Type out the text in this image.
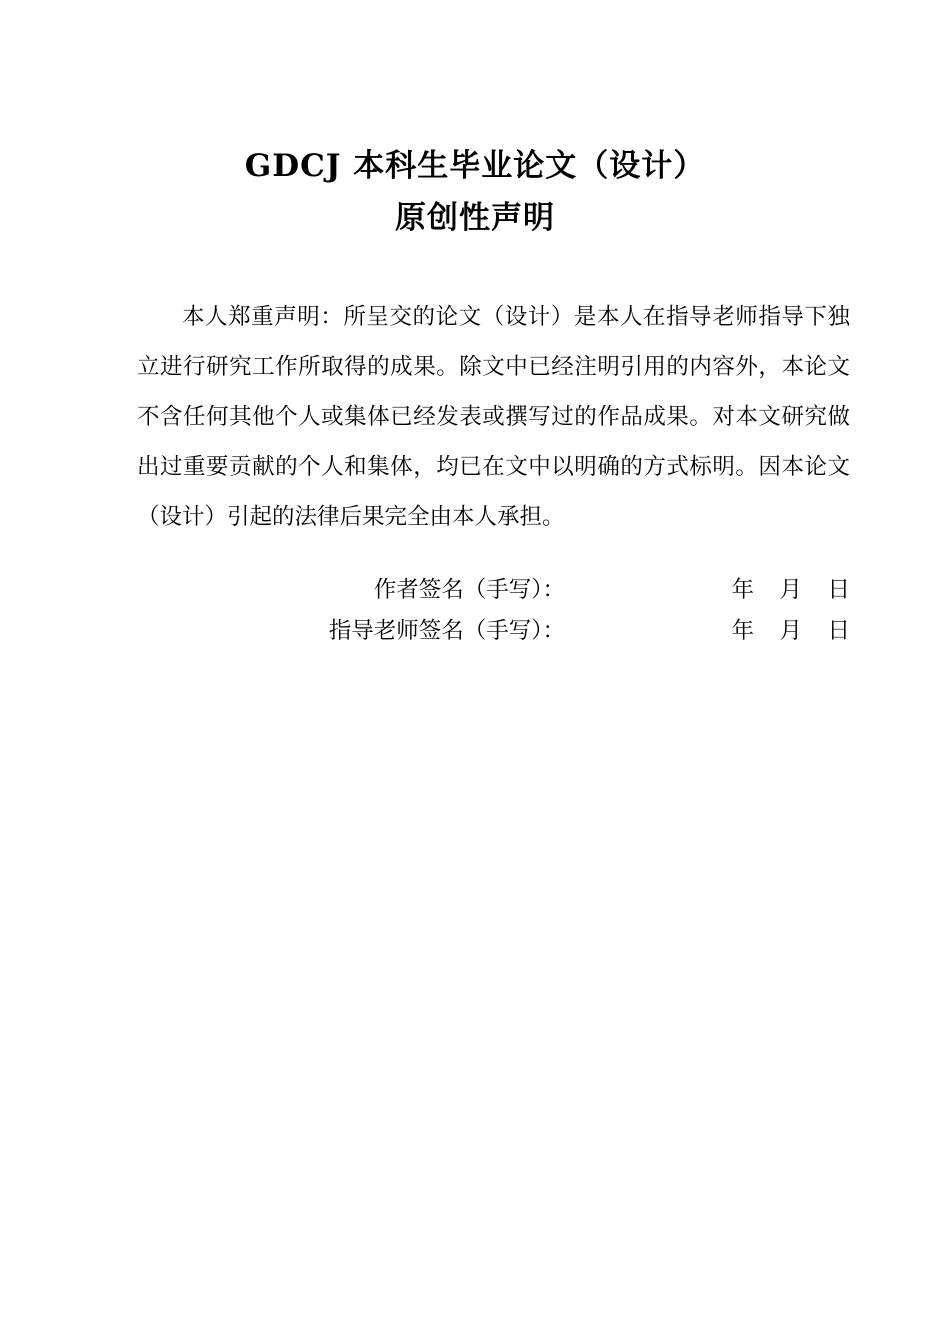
GDCJ 本科生毕业论文（设计）
原创性声明

本人郑重声明：所呈交的论文（设计）是本人在指导老师指导下独立进行研究工作所取得的成果。除文中已经注明引用的内容外，本论文不含任何其他个人或集体已经发表或撰写过的作品成果。对本文研究做出过重要贡献的个人和集体，均已在文中以明确的方式标明。因本论文（设计）引起的法律后果完全由本人承担。

作者签名（手写）：	年	月	日
指导老师签名（手写）：	年	月	日
